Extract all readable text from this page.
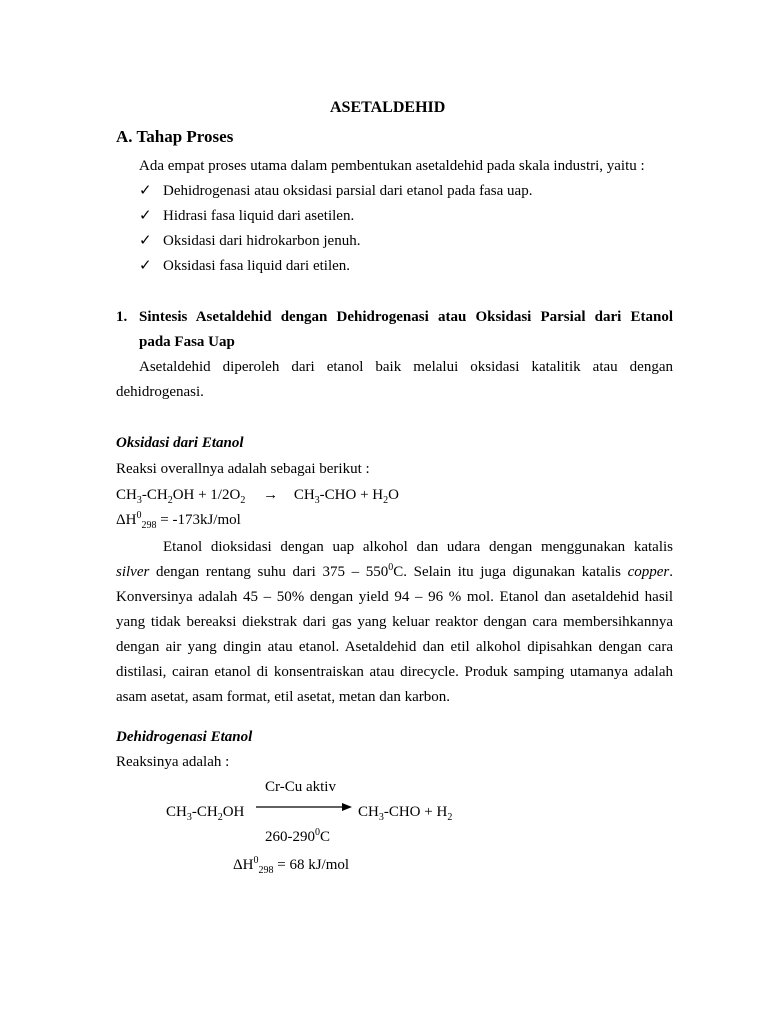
ASETALDEHID
A. Tahap Proses
Ada empat proses utama dalam pembentukan asetaldehid pada skala industri, yaitu :
✓ Dehidrogenasi atau oksidasi parsial dari etanol pada fasa uap.
✓ Hidrasi fasa liquid dari asetilen.
✓ Oksidasi dari hidrokarbon jenuh.
✓ Oksidasi fasa liquid dari etilen.
1. Sintesis Asetaldehid dengan Dehidrogenasi atau Oksidasi Parsial dari Etanol
pada Fasa Uap
Asetaldehid diperoleh dari etanol baik melalui oksidasi katalitik atau dengan
dehidrogenasi.
Oksidasi dari Etanol
Reaksi overallnya adalah sebagai berikut :
$CH_3-CH_2OH + 1/2O_2 \to CH_3-CHO + H_2O$
$\Delta H^0_{298} = -173kJ/mol$
Etanol dioksidasi dengan uap alkohol dan udara dengan menggunakan katalis
silver dengan rentang suhu dari $375 - 550^0C$. Selain itu juga digunakan katalis copper.
Konversinya adalah 45 – 50% dengan yield 94 – 96 % mol. Etanol dan asetaldehid hasil
yang tidak bereaksi diekstrak dari gas yang keluar reaktor dengan cara membersihkannya
dengan air yang dingin atau etanol. Asetaldehid dan etil alkohol dipisahkan dengan cara
distilasi, cairan etanol di konsentraiskan atau direcycle. Produk samping utamanya adalah
asam asetat, asam format, etil asetat, metan dan karbon.
Dehidrogenasi Etanol
Reaksinya adalah :
Cr-Cu aktiv
$CH_3-CH_2OH$	$CH_3$-CHO + $H_2$
$260-290^0C$
$\Delta H^0_{298} = 68$ kJ/mol
